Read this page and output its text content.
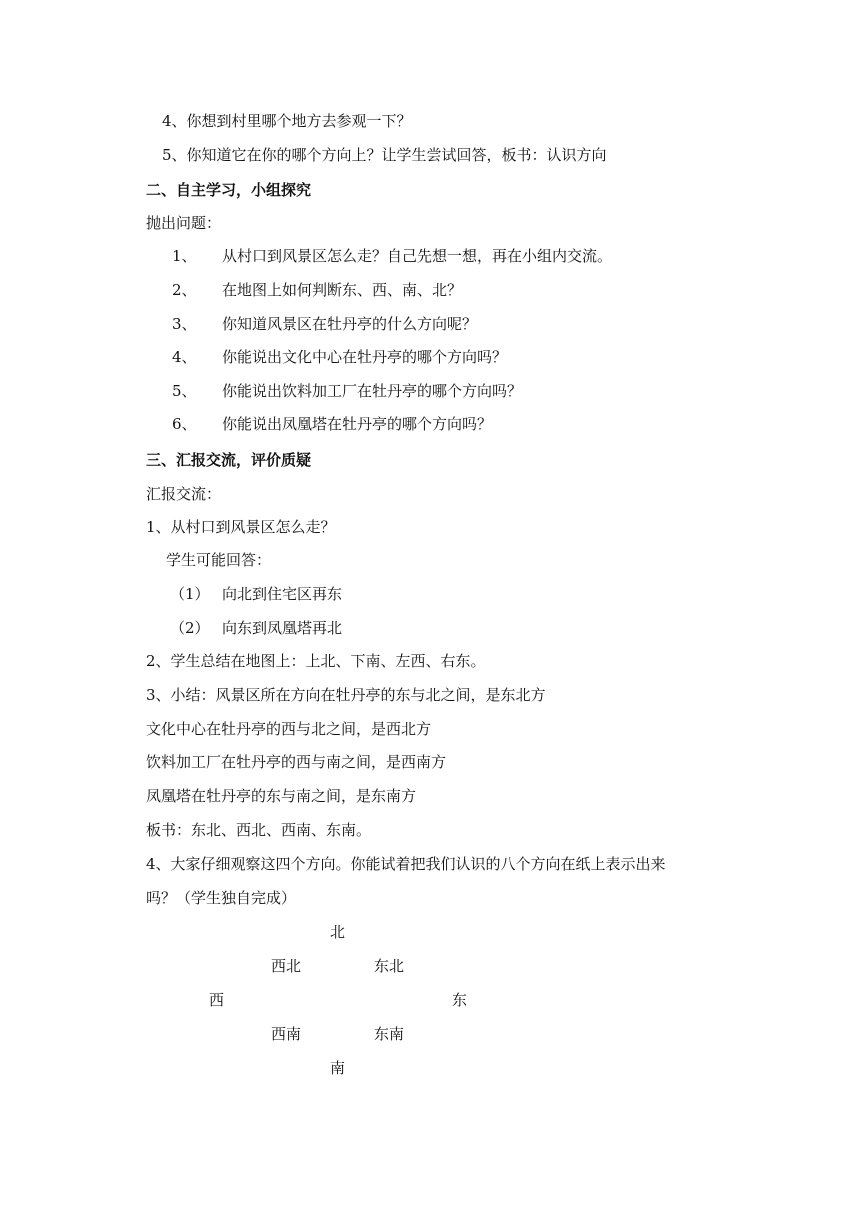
4、你想到村里哪个地方去参观一下？
5、你知道它在你的哪个方向上？让学生尝试回答，板书：认识方向
二、自主学习，小组探究
抛出问题：
1、 从村口到风景区怎么走？自己先想一想，再在小组内交流。
2、 在地图上如何判断东、西、南、北？
3、 你知道风景区在牡丹亭的什么方向呢？
4、 你能说出文化中心在牡丹亭的哪个方向吗？
5、 你能说出饮料加工厂在牡丹亭的哪个方向吗？
6、 你能说出凤凰塔在牡丹亭的哪个方向吗？
三、汇报交流，评价质疑
汇报交流：
1、从村口到风景区怎么走？
学生可能回答：
（1） 向北到住宅区再东
（2） 向东到凤凰塔再北
2、学生总结在地图上：上北、下南、左西、右东。
3、小结：风景区所在方向在牡丹亭的东与北之间，是东北方
文化中心在牡丹亭的西与北之间，是西北方
饮料加工厂在牡丹亭的西与南之间，是西南方
凤凰塔在牡丹亭的东与南之间，是东南方
板书：东北、西北、西南、东南。
4、大家仔细观察这四个方向。你能试着把我们认识的八个方向在纸上表示出来
吗？（学生独自完成）
北
西北	东北
西	东
西南	东南
南
